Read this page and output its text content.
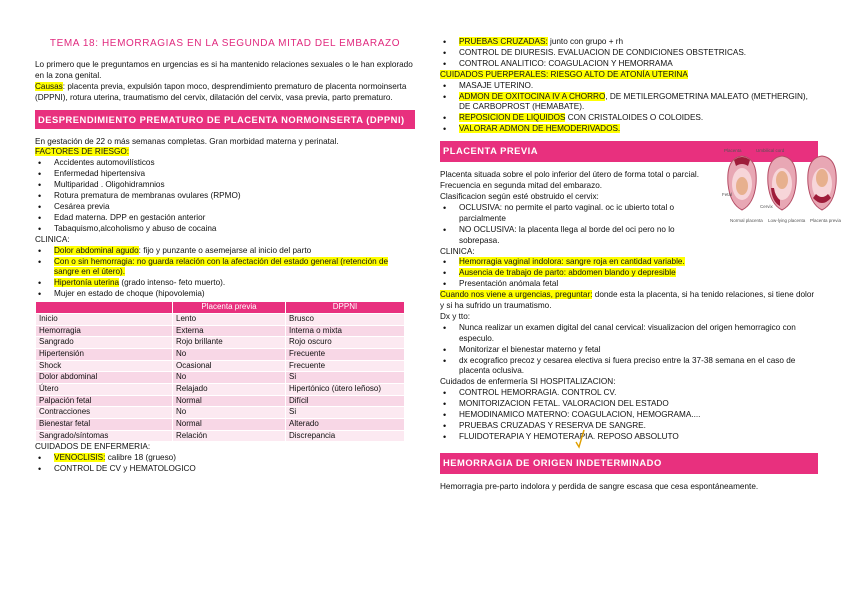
TEMA 18: HEMORRAGIAS EN LA SEGUNDA MITAD DEL EMBARAZO

Lo primero que le preguntamos en urgencias es si ha mantenido relaciones sexuales o le han explorado en la zona genital.

Causas: placenta previa, expulsión tapon moco, desprendimiento prematuro de placenta normoinserta (DPPNI), rotura uterina, traumatismo del cervix, dilatación del cervix, vasa previa, parto prematuro.

DESPRENDIMIENTO PREMATURO DE PLACENTA NORMOINSERTA (DPPNI)

En gestación de 22 o más semanas completas. Gran morbidad materna y perinatal.

FACTORES DE RIESGO:

• Accidentes automovilísticos
• Enfermedad hipertensiva
• Multiparidad . Oligohidramnios
• Rotura prematura de membranas ovulares (RPMO)
• Cesárea previa
• Edad materna. DPP en gestación anterior
• Tabaquismo,alcoholismo y abuso de cocaina

CLINICA:

• Dolor abdominal agudo: fijo y punzante o asemejarse al inicio del parto
• Con o sin hemorragia: no guarda relación con la afectación del estado general (retención de sangre en el útero).
• Hipertonía uterina (grado intenso- feto muerto).
• Mujer en estado de choque (hipovolemia)
	Placenta previa	DPPNI
Inicio	Lento	Brusco
Hemorragia	Externa	Interna o mixta
Sangrado	Rojo brillante	Rojo oscuro
Hipertensión	No	Frecuente
Shock	Ocasional	Frecuente
Dolor abdominal	No	Si
Útero	Relajado	Hipertónico (útero leñoso)
Palpación fetal	Normal	Difícil
Contracciones	No	Si
Bienestar fetal	Normal	Alterado
Sangrado/síntomas	Relación	Discrepancia

CUIDADOS DE ENFERMERIA:

• VENOCLISIS: calibre 18 (grueso)
• CONTROL DE CV y HEMATOLOGICO
• PRUEBAS CRUZADAS: junto con grupo + rh
• CONTROL DE DIURESIS. EVALUACION DE CONDICIONES OBSTETRICAS.
• CONTROL ANALITICO: COAGULACION Y HEMORRAMA

CUIDADOS PUERPERALES: RIESGO ALTO DE ATONÍA UTERINA

• MASAJE UTERINO.
• ADMON DE OXITOCINA IV A CHORRO, DE METILERGOMETRINA MALEATO (METHERGIN), DE CARBOPROST (HEMABATE).
• REPOSICION DE LIQUIDOS CON CRISTALOIDES O COLOIDES.
• VALORAR ADMON DE HEMODERIVADOS.
PLACENTA PREVIA

Placenta situada sobre el polo inferior del útero de forma total o parcial. Frecuencia en segunda mitad del embarazo.

Clasificacion según esté obstruido el cervix:

• OCLUSIVA: no permite el parto vaginal. oc ic ubierto total o parcialmente
• NO OCLUSIVA: la placenta llega al borde del oci pero no lo sobrepasa.

CLINICA:

• Hemorragia vaginal indolora: sangre roja en cantidad variable.
• Ausencia de trabajo de parto: abdomen blando y depresible
• Presentación anómala fetal

Cuando nos viene a urgencias, preguntar: donde esta la placenta, si ha tenido relaciones, si tiene dolor y si ha sufrido un traumatismo.

Dx y tto:

• Nunca realizar un examen digital del canal cervical: visualizacion del origen hemorragico con especulo.
• Monitorizar el bienestar materno y fetal
• dx ecografico precoz y cesarea electiva si fuera preciso entre la 37-38 semana en el caso de placenta oclusiva.

Cuidados de enfermería SI HOSPITALIZACION:

• CONTROL HEMORRAGIA. CONTROL CV.
• MONITORIZACION FETAL. VALORACION DEL ESTADO
• HEMODINAMICO MATERNO: COAGULACION, HEMOGRAMA....
• PRUEBAS CRUZADAS Y RESERVA DE SANGRE.
• FLUIDOTERAPIA Y HEMOTERAPIA. REPOSO ABSOLUTO
HEMORRAGIA DE ORIGEN INDETERMINADO

Hemorragia pre-parto indolora y perdida de sangre escasa que cesa espontáneamente.

Placenta	Umbilical cord
Fetal
Cervix
Normal placenta Low-lying placenta Placenta previa
